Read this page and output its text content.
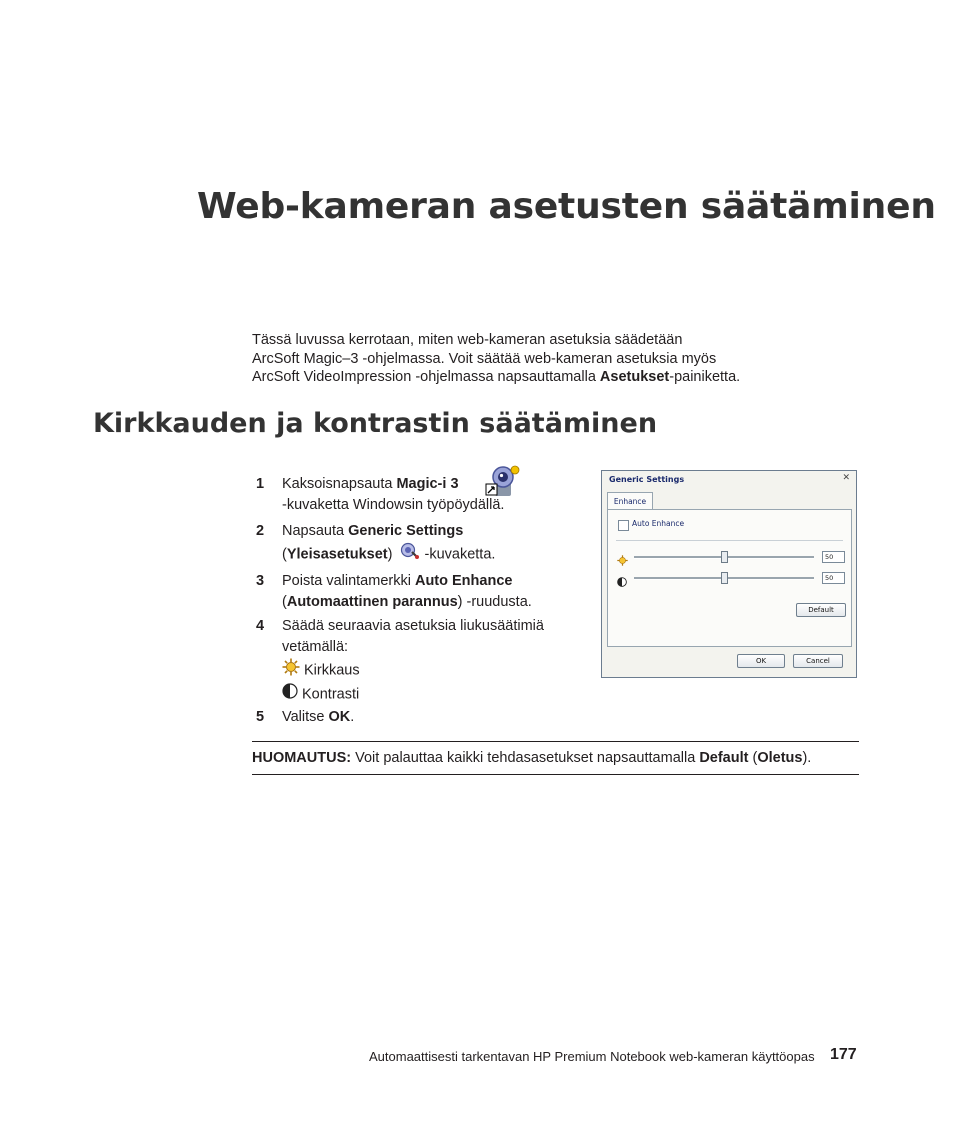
Web-kameran asetusten säätäminen

Tässä luvussa kerrotaan, miten web-kameran asetuksia säädetään
ArcSoft Magic–3 -ohjelmassa. Voit säätää web-kameran asetuksia myös
ArcSoft VideoImpression -ohjelmassa napsauttamalla Asetukset-painiketta.

Kirkkauden ja kontrastin säätäminen
1	Kaksoisnapsauta Magic-i 3

-kuvaketta Windowsin työpöydällä.
2	Napsauta Generic Settings
(Yleisasetukset) -kuvaketta.
3	Poista valintamerkki Auto Enhance
(Automaattinen parannus) -ruudusta.
4	Säädä seuraavia asetuksia liukusäätimiä
vetämällä:
Kirkkaus
Kontrasti
5	Valitse OK.
Generic Settings	✕
Enhance
Auto Enhance
50
50
Default
OK	Cancel
HUOMAUTUS: Voit palauttaa kaikki tehdasasetukset napsauttamalla Default (Oletus).
Automaattisesti tarkentavan HP Premium Notebook web-kameran käyttöopas 177
